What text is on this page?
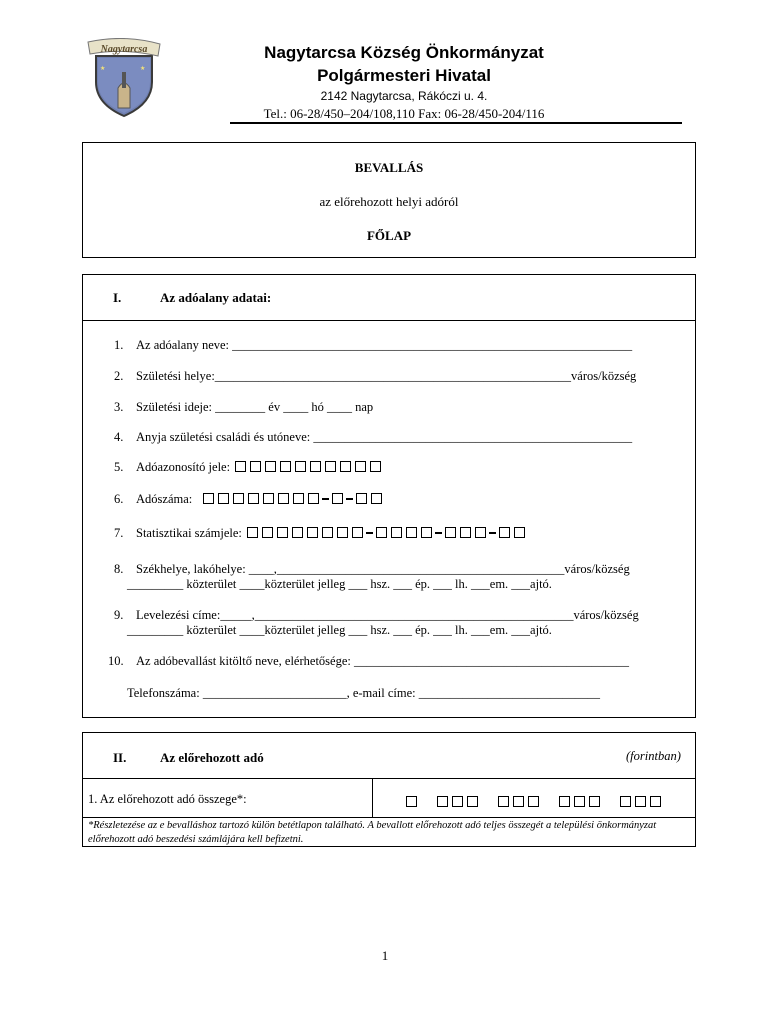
★	★
Nagytarcsa	Nagytarcsa Község Önkormányzat
Polgármesteri Hivatal
2142 Nagytarcsa, Rákóczi u. 4.
Tel.: 06-28/450–204/108,110 Fax: 06-28/450-204/116
BEVALLÁS
az előrehozott helyi adóról
FŐLAP
I.	Az adóalany adatai:
1. Az adóalany neve: ________________________________________________________________
2. Születési helye:_________________________________________________________város/község
3. Születési ideje: ________ év ____ hó ____ nap
4. Anyja születési családi és utóneve: ___________________________________________________
5. Adóazonosító jele:
6. Adószáma:
7. Statisztikai számjele:
8. Székhelye, lakóhelye: ____,______________________________________________város/község
_________ közterület ____közterület jelleg ___ hsz. ___ ép. ___ lh. ___em. ___ajtó.
9. Levelezési címe:_____,___________________________________________________város/község
_________ közterület ____közterület jelleg ___ hsz. ___ ép. ___ lh. ___em. ___ajtó.
10. Az adóbevallást kitöltő neve, elérhetősége: ____________________________________________
Telefonszáma: _______________________, e-mail címe: _____________________________
II.	Az előrehozott adó	(forintban)
1. Az előrehozott adó összege*:

*Részletezése az e bevalláshoz tartozó külön betétlapon található. A bevallott előrehozott adó teljes összegét a települési önkormányzat előrehozott adó beszedési számlájára kell befizetni.
1
